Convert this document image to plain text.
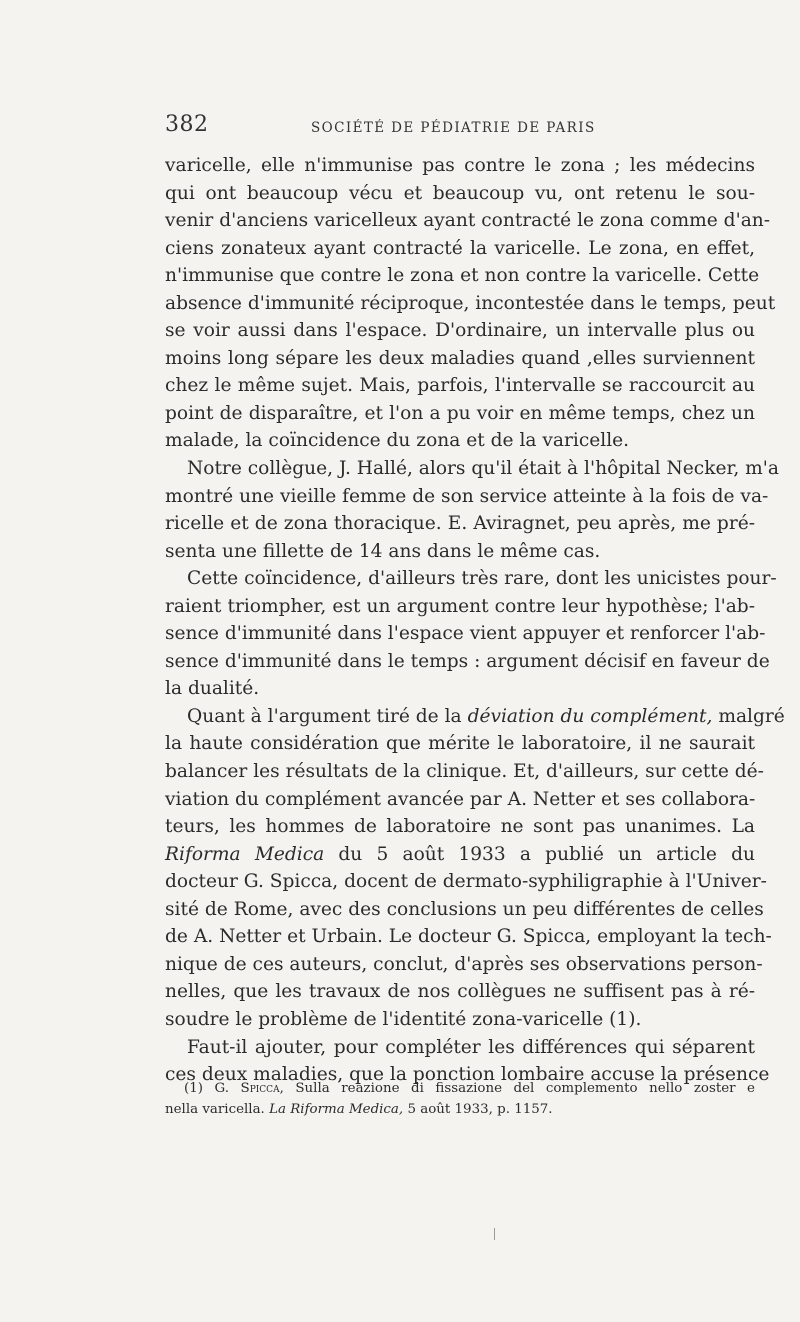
382	SOCIÉTÉ DE PÉDIATRIE DE PARIS
varicelle, elle n'immunise pas contre le zona ; les médecins
qui ont beaucoup vécu et beaucoup vu, ont retenu le sou-
venir d'anciens varicelleux ayant contracté le zona comme d'an-
ciens zonateux ayant contracté la varicelle. Le zona, en effet,
n'immunise que contre le zona et non contre la varicelle. Cette
absence d'immunité réciproque, incontestée dans le temps, peut
se voir aussi dans l'espace. D'ordinaire, un intervalle plus ou
moins long sépare les deux maladies quand ‚elles surviennent
chez le même sujet. Mais, parfois, l'intervalle se raccourcit au
point de disparaître, et l'on a pu voir en même temps, chez un
malade, la coïncidence du zona et de la varicelle.
Notre collègue, J. Hallé, alors qu'il était à l'hôpital Necker, m'a
montré une vieille femme de son service atteinte à la fois de va-
ricelle et de zona thoracique. E. Aviragnet, peu après, me pré-
senta une fillette de 14 ans dans le même cas.
Cette coïncidence, d'ailleurs très rare, dont les unicistes pour-
raient triompher, est un argument contre leur hypothèse; l'ab-
sence d'immunité dans l'espace vient appuyer et renforcer l'ab-
sence d'immunité dans le temps : argument décisif en faveur de
la dualité.
Quant à l'argument tiré de la déviation du complément, malgré
la haute considération que mérite le laboratoire, il ne saurait
balancer les résultats de la clinique. Et, d'ailleurs, sur cette dé-
viation du complément avancée par A. Netter et ses collabora-
teurs, les hommes de laboratoire ne sont pas unanimes. La
Riforma Medica du 5 août 1933 a publié un article du
docteur G. Spicca, docent de dermato-syphiligraphie à l'Univer-
sité de Rome, avec des conclusions un peu différentes de celles
de A. Netter et Urbain. Le docteur G. Spicca, employant la tech-
nique de ces auteurs, conclut, d'après ses observations person-
nelles, que les travaux de nos collègues ne suffisent pas à ré-
soudre le problème de l'identité zona-varicelle (1).
Faut-il ajouter, pour compléter les différences qui séparent
ces deux maladies, que la ponction lombaire accuse la présence
(1) G. Spicca, Sulla reazione di fissazione del complemento nello zoster e
nella varicella. La Riforma Medica, 5 août 1933, p. 1157.
